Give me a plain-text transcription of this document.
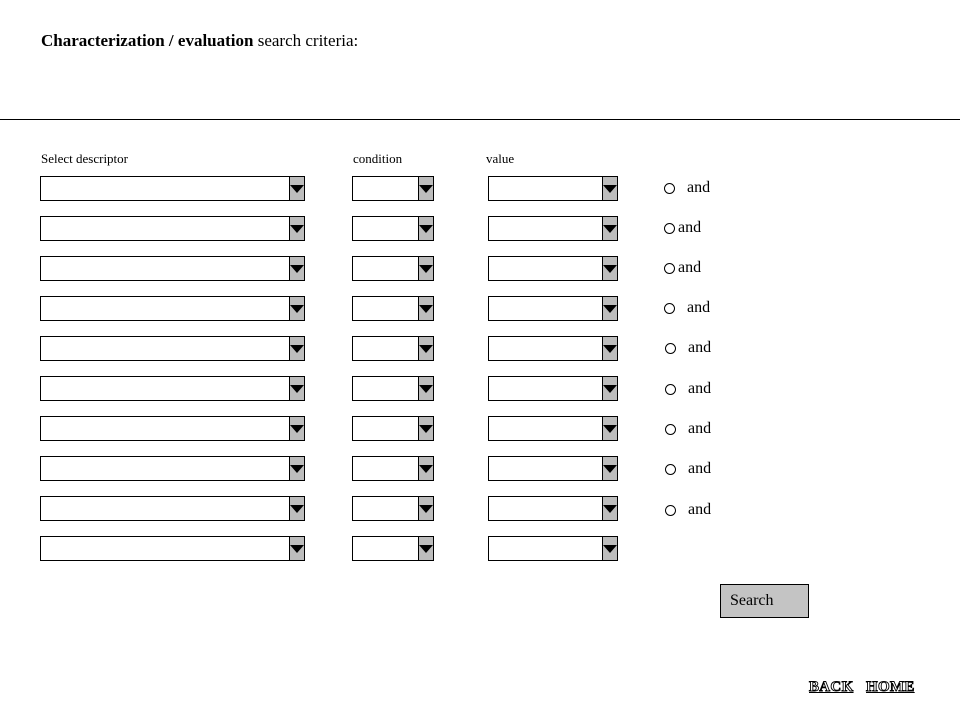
Characterization / evaluation search criteria:
Select descriptor	condition	value
and
and
and
and
and
and
and
and
and
Search
BACK HOME
